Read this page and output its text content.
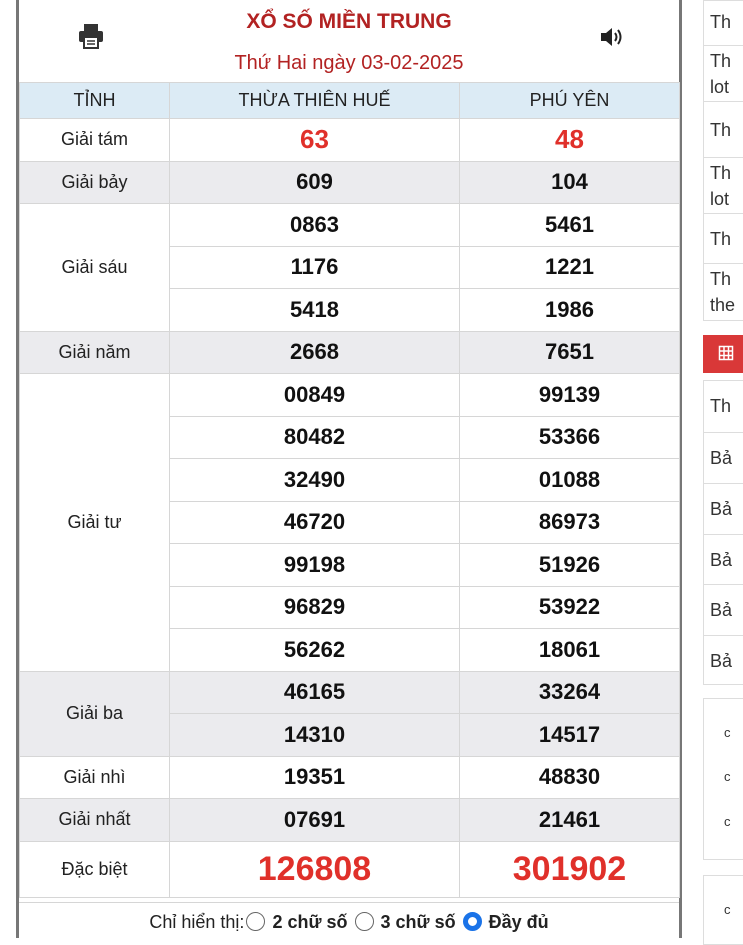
XỔ SỐ MIỀN TRUNG
Thứ Hai ngày 03-02-2025
TỈNH	THỪA THIÊN HUẾ	PHÚ YÊN
Giải tám	63	48
Giải bảy	609	104
Giải sáu	0863	5461
	1176	1221
	5418	1986
Giải năm	2668	7651
Giải tư	00849	99139
	80482	53366
	32490	01088
	46720	86973
	99198	51926
	96829	53922
	56262	18061
Giải ba	46165	33264
	14310	14517
Giải nhì	19351	48830
Giải nhất	07691	21461
Đặc biệt	126808	301902
Chỉ hiển thị: 2 chữ số 3 chữ số Đầy đủ
Th
Th
lot
Th
Th
lot
Th
Th
the
Th
Bả
Bả
Bả
Bả
Bả
c
c
c
c
